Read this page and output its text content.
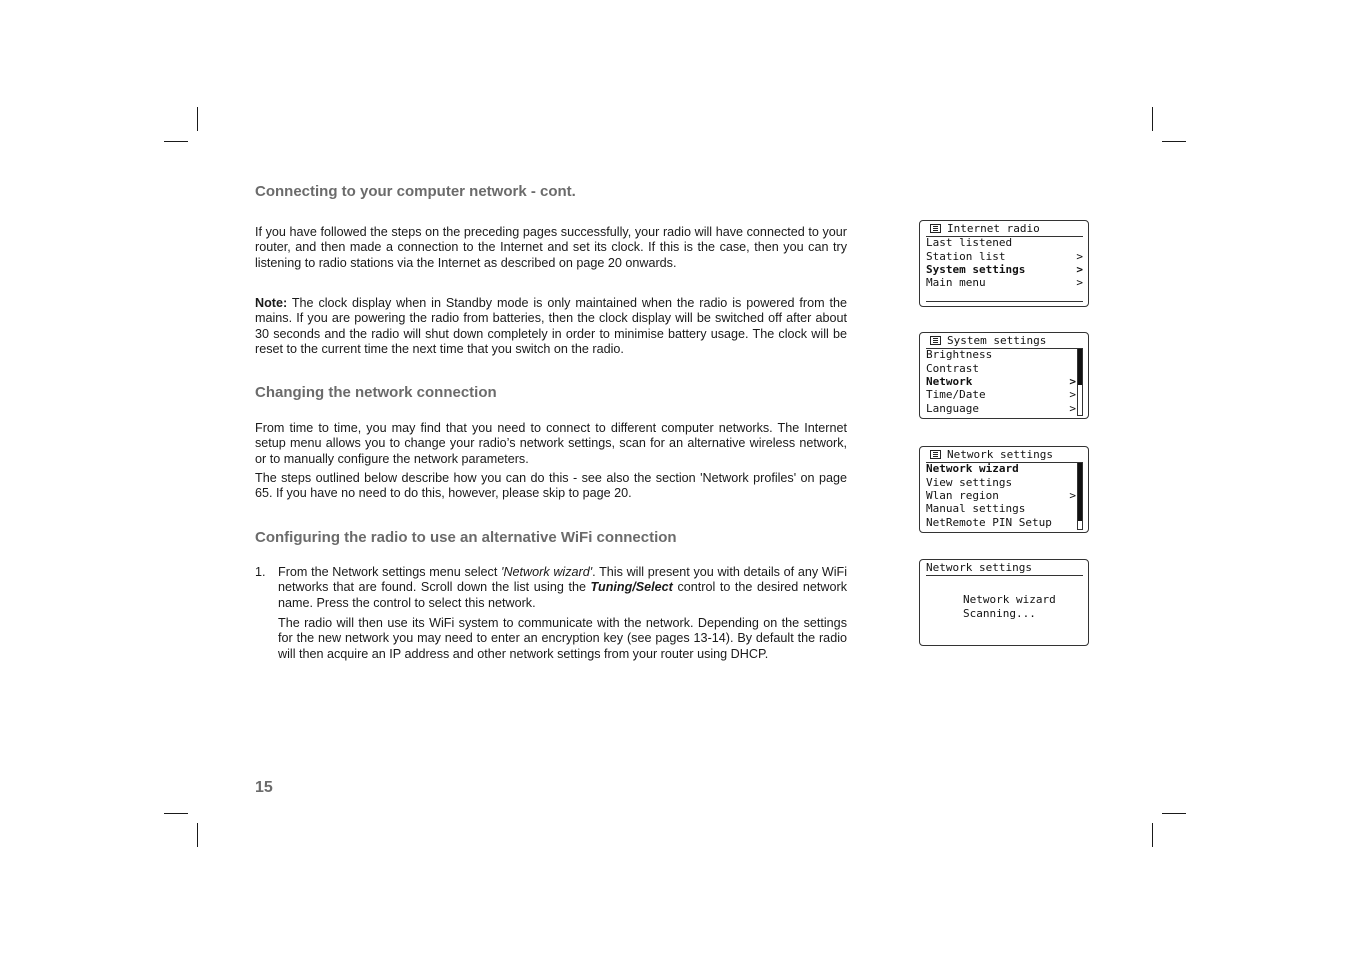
Connecting to your computer network - cont.

If you have followed the steps on the preceding pages successfully, your radio will have connected to your router, and then made a connection to the Internet and set its clock. If this is the case, then you can try listening to radio stations via the Internet as described on page 20 onwards.

Note: The clock display when in Standby mode is only maintained when the radio is powered from the mains. If you are powering the radio from batteries, then the clock display will be switched off after about 30 seconds and the radio will shut down completely in order to minimise battery usage. The clock will be reset to the current time the next time that you switch on the radio.

Changing the network connection

From time to time, you may find that you need to connect to different computer networks. The Internet setup menu allows you to change your radio’s network settings, scan for an alternative wireless network, or to manually configure the network parameters.

The steps outlined below describe how you can do this - see also the section 'Network profiles' on page 65. If you have no need to do this, however, please skip to page 20.

Configuring the radio to use an alternative WiFi connection
1. From the Network settings menu select 'Network wizard'. This will present you with details of any WiFi networks that are found. Scroll down the list using the Tuning/Select control to the desired network name. Press the control to select this network.

The radio will then use its WiFi system to communicate with the network. Depending on the settings for the new network you may need to enter an encryption key (see pages 13-14). By default the radio will then acquire an IP address and other network settings from your router using DHCP.

15
Internet radio
Last listened
Station list	>
System settings	>
Main menu	>
System settings
Brightness
Contrast
Network	>
Time/Date	>
Language	>
Network settings
Network wizard
View settings
Wlan region	>
Manual settings
NetRemote PIN Setup
Network settings
Network wizard
Scanning...
